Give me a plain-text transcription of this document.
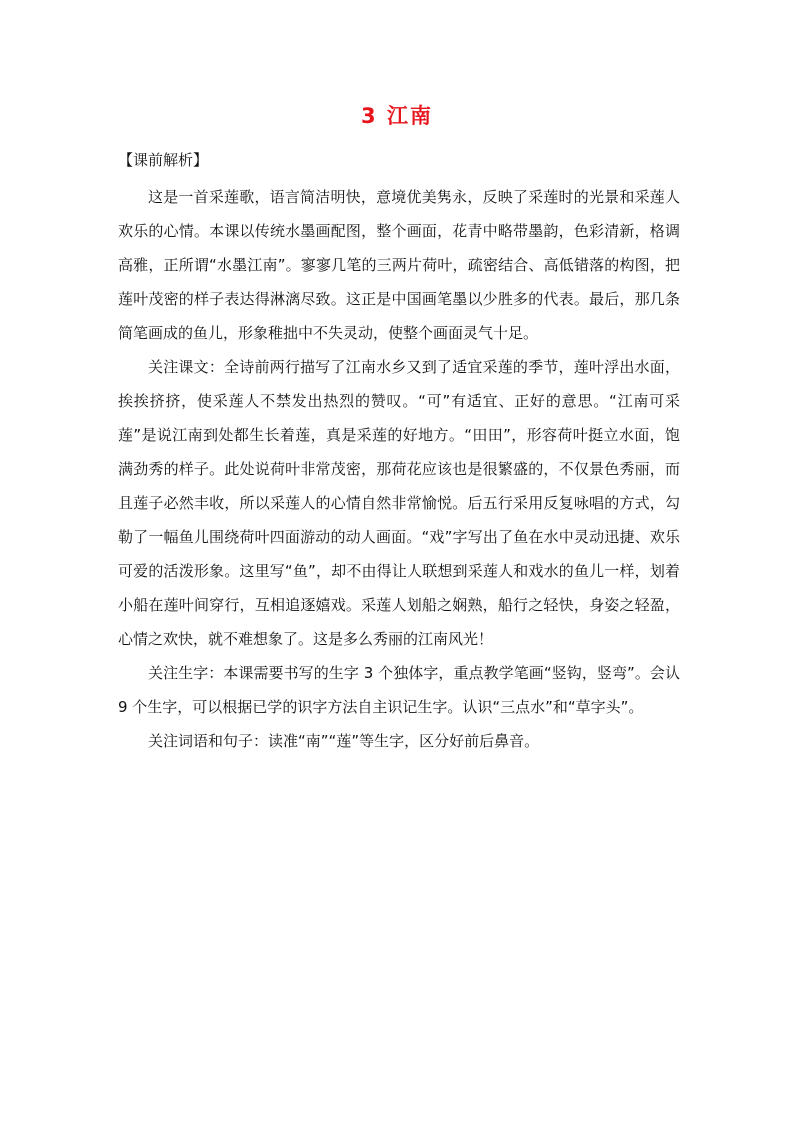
3 江南
【课前解析】

这是一首采莲歌，语言简洁明快，意境优美隽永，反映了采莲时的光景和采莲人欢乐的心情。本课以传统水墨画配图，整个画面，花青中略带墨韵，色彩清新，格调高雅，正所谓“水墨江南”。寥寥几笔的三两片荷叶，疏密结合、高低错落的构图，把莲叶茂密的样子表达得淋漓尽致。这正是中国画笔墨以少胜多的代表。最后，那几条简笔画成的鱼儿，形象稚拙中不失灵动，使整个画面灵气十足。

关注课文：全诗前两行描写了江南水乡又到了适宜采莲的季节，莲叶浮出水面，挨挨挤挤，使采莲人不禁发出热烈的赞叹。“可”有适宜、正好的意思。“江南可采莲”是说江南到处都生长着莲，真是采莲的好地方。“田田”，形容荷叶挺立水面，饱满劲秀的样子。此处说荷叶非常茂密，那荷花应该也是很繁盛的，不仅景色秀丽，而且莲子必然丰收，所以采莲人的心情自然非常愉悦。后五行采用反复咏唱的方式，勾勒了一幅鱼儿围绕荷叶四面游动的动人画面。“戏”字写出了鱼在水中灵动迅捷、欢乐可爱的活泼形象。这里写“鱼”，却不由得让人联想到采莲人和戏水的鱼儿一样，划着小船在莲叶间穿行，互相追逐嬉戏。采莲人划船之娴熟，船行之轻快，身姿之轻盈，心情之欢快，就不难想象了。这是多么秀丽的江南风光！

关注生字：本课需要书写的生字 3 个独体字，重点教学笔画“竖钩，竖弯”。会认 9 个生字，可以根据已学的识字方法自主识记生字。认识“三点水”和“草字头”。

关注词语和句子：读准“南”“莲”等生字，区分好前后鼻音。
